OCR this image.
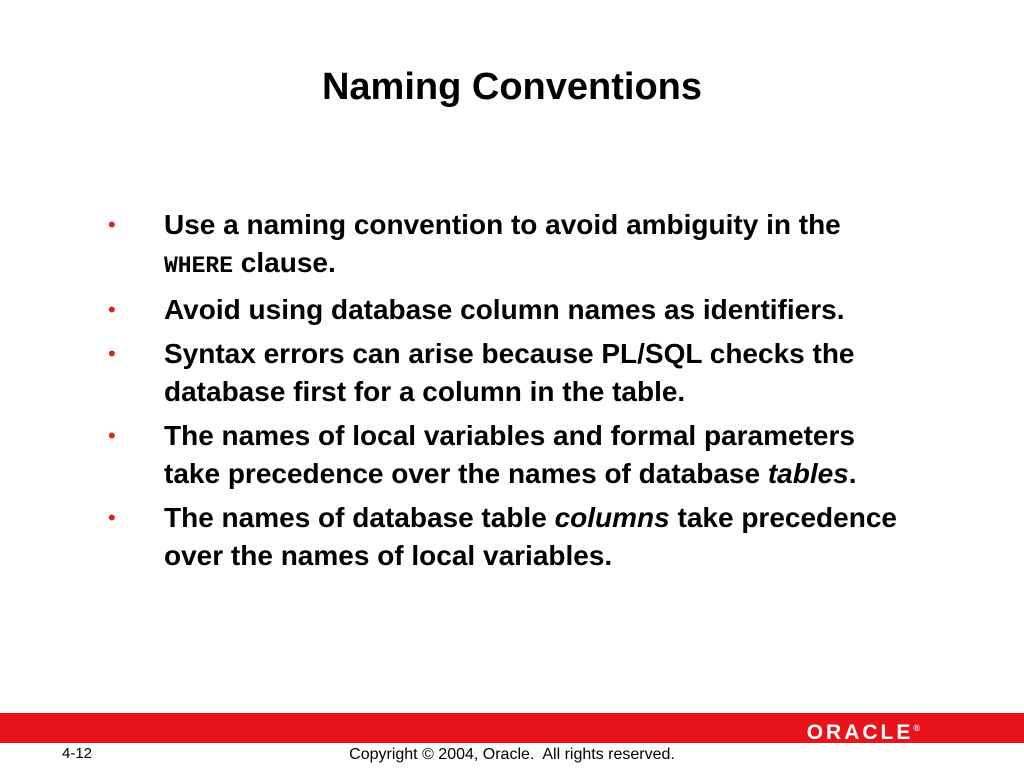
Naming Conventions
•	Use a naming convention to avoid ambiguity in the WHERE clause.
•	Avoid using database column names as identifiers.
•	Syntax errors can arise because PL/SQL checks the database first for a column in the table.
•	The names of local variables and formal parameters take precedence over the names of database tables.
•	The names of database table columns take precedence over the names of local variables.
ORACLE®
4-12	Copyright © 2004, Oracle.  All rights reserved.
